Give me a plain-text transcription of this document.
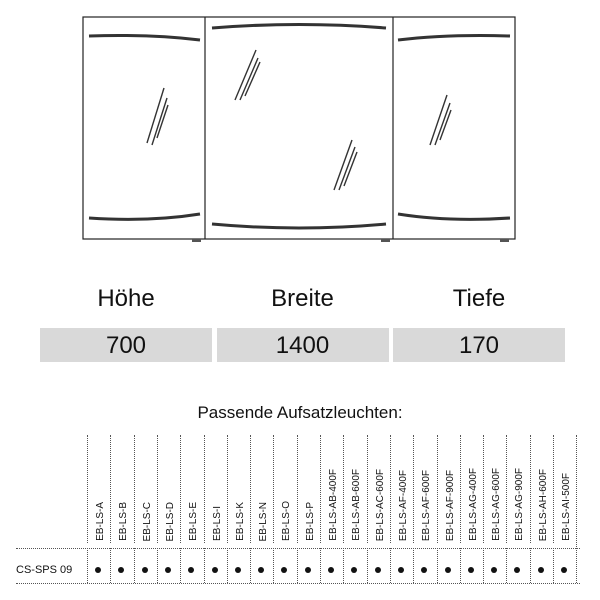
Höhe
700
Breite
1400
Tiefe
170
Passende Aufsatzleuchten:
EB-LS-A EB-LS-B EB-LS-C EB-LS-D EB-LS-E EB-LS-I EB-LS-K EB-LS-N EB-LS-O EB-LS-P EB-LS-AB-400F EB-LS-AB-600F EB-LS-AC-600F EB-LS-AF-400F EB-LS-AF-600F EB-LS-AF-900F EB-LS-AG-400F EB-LS-AG-600F EB-LS-AG-900F EB-LS-AH-600F EB-LS-AI-500F
CS-SPS 09
